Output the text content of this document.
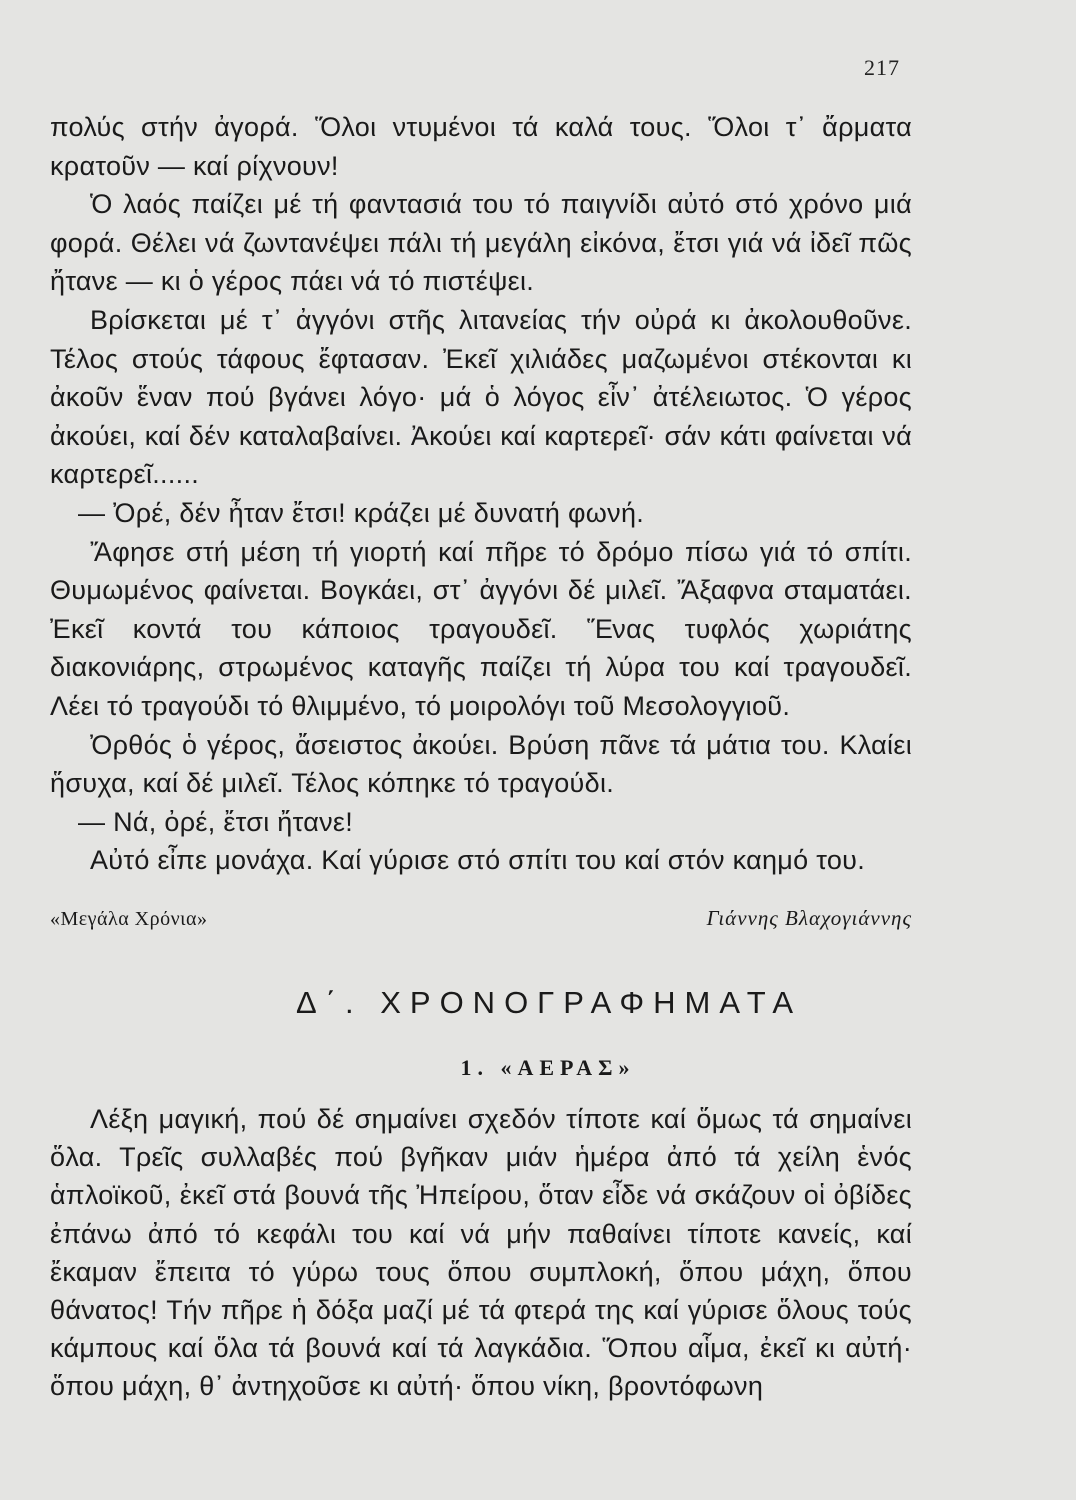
217

πολύς στήν ἀγορά. Ὅλοι ντυμένοι τά καλά τους. Ὅλοι τ᾽ ἄρματα κρατοῦν — καί ρίχνουν!

Ὁ λαός παίζει μέ τή φαντασιά του τό παιγνίδι αὐτό στό χρόνο μιά φορά. Θέλει νά ζωντανέψει πάλι τή μεγάλη εἰκόνα, ἔτσι γιά νά ἰδεῖ πῶς ἤτανε — κι ὁ γέρος πάει νά τό πιστέψει.

Βρίσκεται μέ τ᾽ ἀγγόνι στῆς λιτανείας τήν οὐρά κι ἀκολουθοῦνε. Τέλος στούς τάφους ἔφτασαν. Ἐκεῖ χιλιάδες μαζωμένοι στέκονται κι ἀκοῦν ἕναν πού βγάνει λόγο· μά ὁ λόγος εἶν᾽ ἀτέλειωτος. Ὁ γέρος ἀκούει, καί δέν καταλαβαίνει. Ἀκούει καί καρτερεῖ· σάν κάτι φαίνεται νά καρτερεῖ......

— Ὀρέ, δέν ἦταν ἔτσι! κράζει μέ δυνατή φωνή.

Ἄφησε στή μέση τή γιορτή καί πῆρε τό δρόμο πίσω γιά τό σπίτι. Θυμωμένος φαίνεται. Βογκάει, στ᾽ ἀγγόνι δέ μιλεῖ. Ἄξαφνα σταματάει. Ἐκεῖ κοντά του κάποιος τραγουδεῖ. Ἕνας τυφλός χωριάτης διακονιάρης, στρωμένος καταγῆς παίζει τή λύρα του καί τραγουδεῖ. Λέει τό τραγούδι τό θλιμμένο, τό μοιρολόγι τοῦ Μεσολογγιοῦ.

Ὀρθός ὁ γέρος, ἄσειστος ἀκούει. Βρύση πᾶνε τά μάτια του. Κλαίει ἥσυχα, καί δέ μιλεῖ. Τέλος κόπηκε τό τραγούδι.

— Νά, ὀρέ, ἔτσι ἤτανε!

Αὐτό εἶπε μονάχα. Καί γύρισε στό σπίτι του καί στόν καημό του.

«Μεγάλα Χρόνια»	Γιάννης Βλαχογιάννης
Δ΄. ΧΡΟΝΟΓΡΑΦΗΜΑΤΑ
1. «ΑΕΡΑΣ»

Λέξη μαγική, πού δέ σημαίνει σχεδόν τίποτε καί ὅμως τά σημαίνει ὅλα. Τρεῖς συλλαβές πού βγῆκαν μιάν ἡμέρα ἀπό τά χείλη ἑνός ἁπλοϊκοῦ, ἐκεῖ στά βουνά τῆς Ἠπείρου, ὅταν εἶδε νά σκάζουν οἱ ὀβίδες ἐπάνω ἀπό τό κεφάλι του καί νά μήν παθαίνει τίποτε κανείς, καί ἔκαμαν ἔπειτα τό γύρω τους ὅπου συμπλοκή, ὅπου μάχη, ὅπου θάνατος! Τήν πῆρε ἡ δόξα μαζί μέ τά φτερά της καί γύρισε ὅλους τούς κάμπους καί ὅλα τά βουνά καί τά λαγκάδια. Ὅπου αἷμα, ἐκεῖ κι αὐτή· ὅπου μάχη, θ᾽ ἀντηχοῦσε κι αὐτή· ὅπου νίκη, βροντόφωνη
